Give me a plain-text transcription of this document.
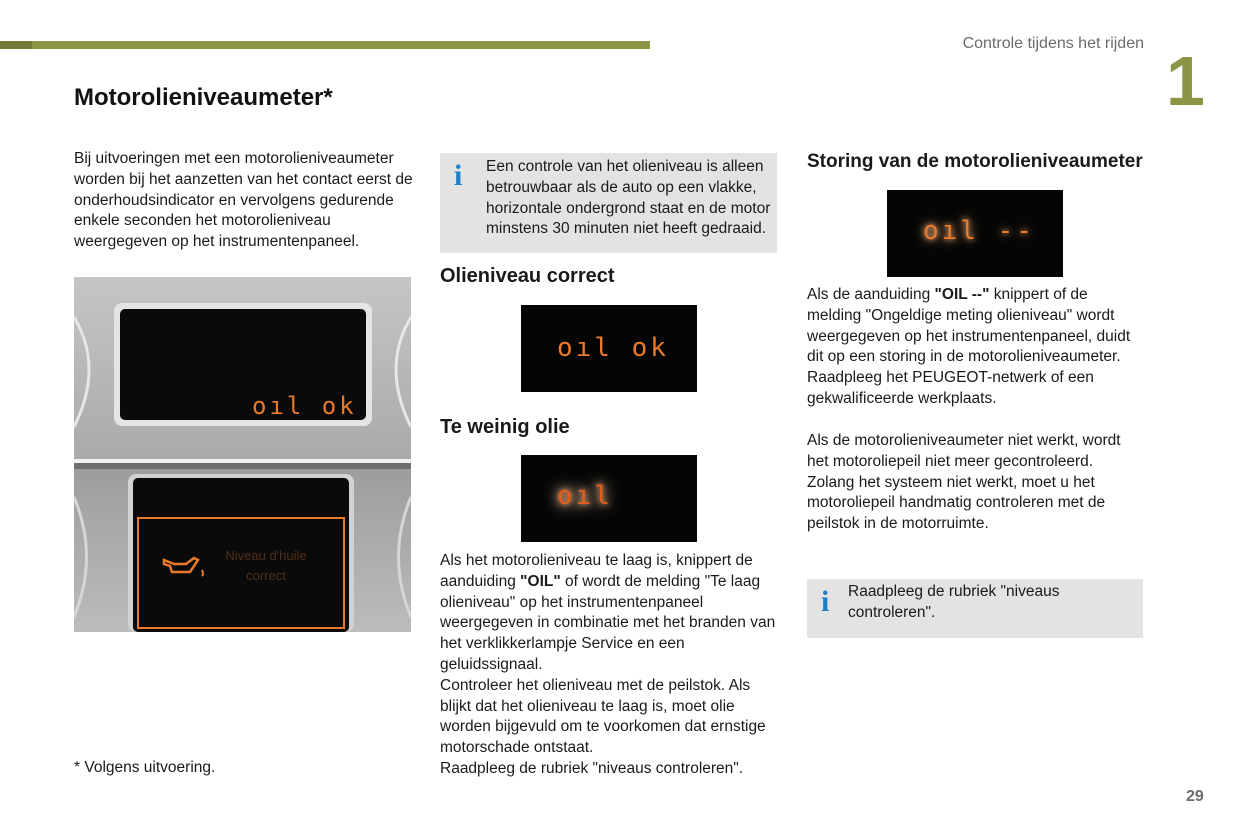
Controle tijdens het rijden 1
Motorolieniveaumeter*
Bij uitvoeringen met een motorolieniveaumeter worden bij het aanzetten van het contact eerst de onderhoudsindicator en vervolgens gedurende enkele seconden het motorolieniveau weergegeven op het instrumentenpaneel.
oıl ok
Niveau d'huile
correct
i Een controle van het olieniveau is alleen betrouwbaar als de auto op een vlakke, horizontale ondergrond staat en de motor minstens 30 minuten niet heeft gedraaid.
Olieniveau correct
oıl ok
Te weinig olie
oıl

Als het motorolieniveau te laag is, knippert de aanduiding "OIL" of wordt de melding "Te laag olieniveau" op het instrumentenpaneel weergegeven in combinatie met het branden van het verklikkerlampje Service en een geluidssignaal.

Controleer het olieniveau met de peilstok. Als blijkt dat het olieniveau te laag is, moet olie worden bijgevuld om te voorkomen dat ernstige motorschade ontstaat.

Raadpleeg de rubriek "niveaus controleren".

Storing van de motorolieniveaumeter
oıl --

Als de aanduiding "OIL --" knippert of de melding "Ongeldige meting olieniveau" wordt weergegeven op het instrumentenpaneel, duidt dit op een storing in de motorolieniveaumeter. Raadpleeg het PEUGEOT-netwerk of een gekwalificeerde werkplaats.

Als de motorolieniveaumeter niet werkt, wordt het motoroliepeil niet meer gecontroleerd. Zolang het systeem niet werkt, moet u het motoroliepeil handmatig controleren met de peilstok in de motorruimte.
i Raadpleeg de rubriek "niveaus controleren".
* Volgens uitvoering.
29
